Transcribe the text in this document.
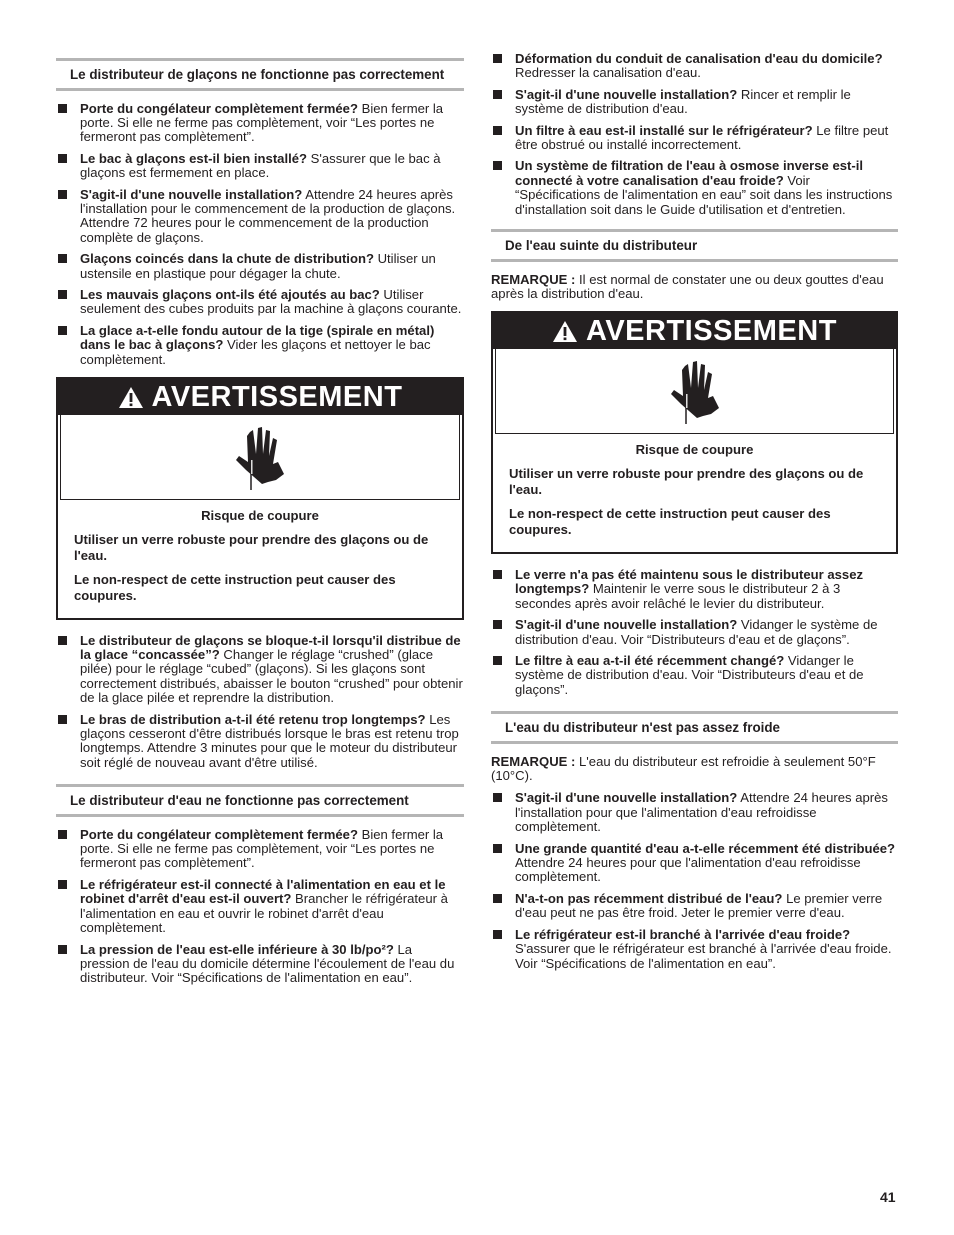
Le distributeur de glaçons ne fonctionne pas correctement
Porte du congélateur complètement fermée? Bien fermer la porte. Si elle ne ferme pas complètement, voir “Les portes ne fermeront pas complètement”.
Le bac à glaçons est-il bien installé? S'assurer que le bac à glaçons est fermement en place.
S'agit-il d'une nouvelle installation? Attendre 24 heures après l'installation pour le commencement de la production de glaçons. Attendre 72 heures pour le commencement de la production complète de glaçons.
Glaçons coincés dans la chute de distribution? Utiliser un ustensile en plastique pour dégager la chute.
Les mauvais glaçons ont-ils été ajoutés au bac? Utiliser seulement des cubes produits par la machine à glaçons courante.
La glace a-t-elle fondu autour de la tige (spirale en métal) dans le bac à glaçons? Vider les glaçons et nettoyer le bac complètement.
AVERTISSEMENT
Risque de coupure

Utiliser un verre robuste pour prendre des glaçons ou de l'eau.

Le non-respect de cette instruction peut causer des coupures.

Le distributeur de glaçons se bloque-t-il lorsqu'il distribue de la glace “concassée”? Changer le réglage “crushed” (glace pilée) pour le réglage “cubed” (glaçons). Si les glaçons sont correctement distribués, abaisser le bouton “crushed” pour obtenir de la glace pilée et reprendre la distribution.
Le bras de distribution a-t-il été retenu trop longtemps? Les glaçons cesseront d'être distribués lorsque le bras est retenu trop longtemps. Attendre 3 minutes pour que le moteur du distributeur soit réglé de nouveau avant d'être utilisé.
Le distributeur d'eau ne fonctionne pas correctement
Porte du congélateur complètement fermée? Bien fermer la porte. Si elle ne ferme pas complètement, voir “Les portes ne fermeront pas complètement”.
Le réfrigérateur est-il connecté à l'alimentation en eau et le robinet d'arrêt d'eau est-il ouvert? Brancher le réfrigérateur à l'alimentation en eau et ouvrir le robinet d'arrêt d'eau complètement.
La pression de l'eau est-elle inférieure à 30 lb/po²? La pression de l'eau du domicile détermine l'écoulement de l'eau du distributeur. Voir “Spécifications de l'alimentation en eau”.
Déformation du conduit de canalisation d'eau du domicile? Redresser la canalisation d'eau.
S'agit-il d'une nouvelle installation? Rincer et remplir le système de distribution d'eau.
Un filtre à eau est-il installé sur le réfrigérateur? Le filtre peut être obstrué ou installé incorrectement.
Un système de filtration de l'eau à osmose inverse est-il connecté à votre canalisation d'eau froide? Voir “Spécifications de l'alimentation en eau” soit dans les instructions d'installation soit dans le Guide d'utilisation et d'entretien.
De l'eau suinte du distributeur

REMARQUE : Il est normal de constater une ou deux gouttes d'eau après la distribution d'eau.

AVERTISSEMENT
Risque de coupure

Utiliser un verre robuste pour prendre des glaçons ou de l'eau.

Le non-respect de cette instruction peut causer des coupures.

Le verre n'a pas été maintenu sous le distributeur assez longtemps? Maintenir le verre sous le distributeur 2 à 3 secondes après avoir relâché le levier du distributeur.
S'agit-il d'une nouvelle installation? Vidanger le système de distribution d'eau. Voir “Distributeurs d'eau et de glaçons”.
Le filtre à eau a-t-il été récemment changé? Vidanger le système de distribution d'eau. Voir “Distributeurs d'eau et de glaçons”.
L'eau du distributeur n'est pas assez froide

REMARQUE : L'eau du distributeur est refroidie à seulement 50°F (10°C).

S'agit-il d'une nouvelle installation? Attendre 24 heures après l'installation pour que l'alimentation d'eau refroidisse complètement.
Une grande quantité d'eau a-t-elle récemment été distribuée? Attendre 24 heures pour que l'alimentation d'eau refroidisse complètement.
N'a-t-on pas récemment distribué de l'eau? Le premier verre d'eau peut ne pas être froid. Jeter le premier verre d'eau.
Le réfrigérateur est-il branché à l'arrivée d'eau froide? S'assurer que le réfrigérateur est branché à l'arrivée d'eau froide. Voir “Spécifications de l'alimentation en eau”.
41
